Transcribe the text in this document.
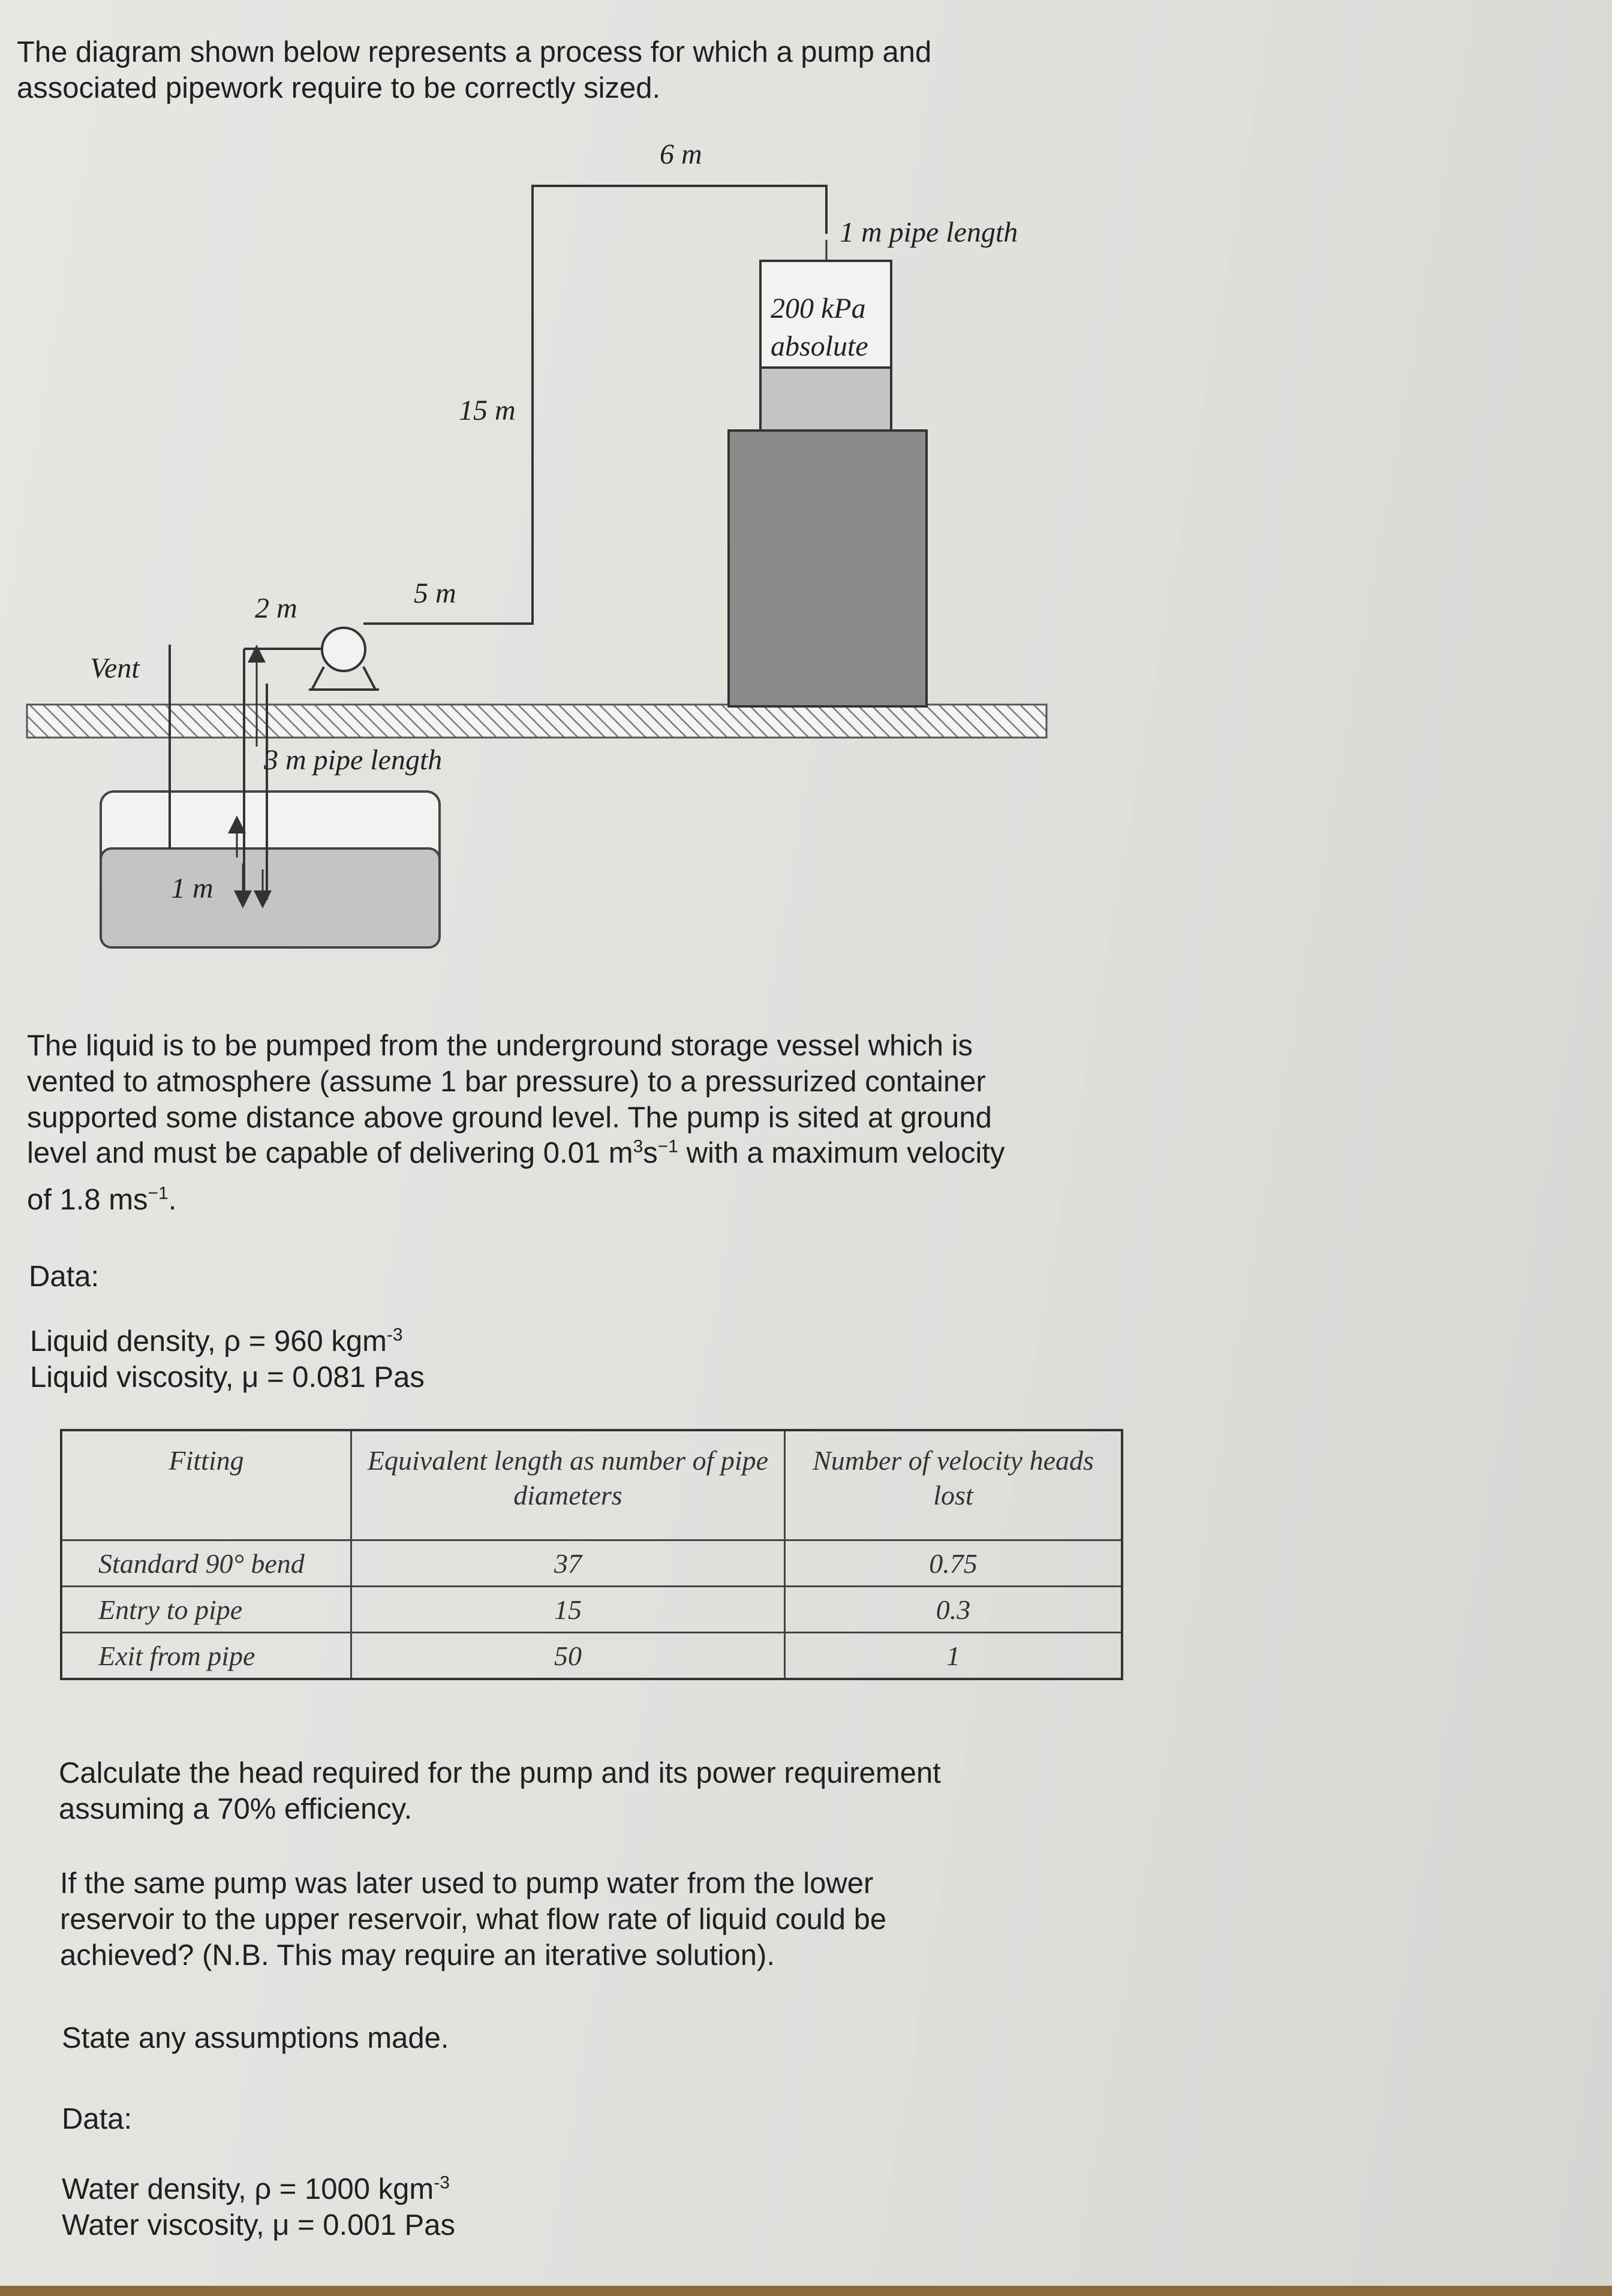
The diagram shown below represents a process for which a pump and
associated pipework require to be correctly sized.

6 m
1 m pipe length
200 kPa
absolute
15 m
5 m
2 m
Vent
3 m pipe length
1 m

The liquid is to be pumped from the underground storage vessel which is
vented to atmosphere (assume 1 bar pressure) to a pressurized container
supported some distance above ground level. The pump is sited at ground
level and must be capable of delivering 0.01 $m^3s^{-1}$ with a maximum velocity
of 1.8 $ms^{-1}$.

Data:

Liquid density, ρ = 960 kgm$^{-3}$
Liquid viscosity, μ = 0.081 Pas

Fitting	Equivalent length as number of pipe diameters	Number of velocity heads lost
Standard 90° bend	37	0.75
Entry to pipe	15	0.3
Exit from pipe	50	1

Calculate the head required for the pump and its power requirement
assuming a 70% efficiency.

If the same pump was later used to pump water from the lower
reservoir to the upper reservoir, what flow rate of liquid could be
achieved? (N.B. This may require an iterative solution).

State any assumptions made.

Data:

Water density, ρ = 1000 kgm$^{-3}$
Water viscosity, μ = 0.001 Pas
